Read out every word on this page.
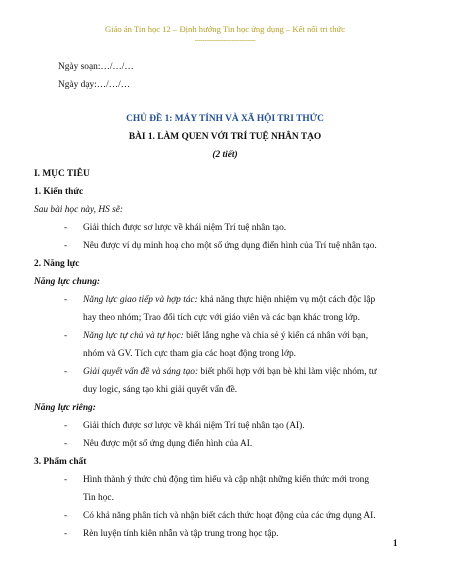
Giáo án Tin học 12 – Định hướng Tin học ứng dụng – Kết nối tri thức
------------------------------
Ngày soạn:…/…/…
Ngày dạy:…/…/…
CHỦ ĐỀ 1: MÁY TÍNH VÀ XÃ HỘI TRI THỨC
BÀI 1. LÀM QUEN VỚI TRÍ TUỆ NHÂN TẠO
(2 tiết)
I. MỤC TIÊU
1. Kiến thức
Sau bài học này, HS sẽ:
- Giải thích được sơ lược về khái niệm Trí tuệ nhân tạo.
- Nêu được ví dụ minh hoạ cho một số ứng dụng điển hình của Trí tuệ nhân tạo.
2. Năng lực
Năng lực chung:
- Năng lực giao tiếp và hợp tác: khả năng thực hiện nhiệm vụ một cách độc lập
hay theo nhóm; Trao đổi tích cực với giáo viên và các bạn khác trong lớp.
- Năng lực tự chủ và tự học: biết lắng nghe và chia sẻ ý kiến cá nhân với bạn,
nhóm và GV. Tích cực tham gia các hoạt động trong lớp.
- Giải quyết vấn đề và sáng tạo: biết phối hợp với bạn bè khi làm việc nhóm, tư
duy logic, sáng tạo khi giải quyết vấn đề.
Năng lực riêng:
- Giải thích được sơ lược về khái niệm Trí tuệ nhân tạo (AI).
- Nêu được một số ứng dụng điển hình của AI.
3. Phẩm chất
- Hình thành ý thức chủ động tìm hiểu và cập nhật những kiến thức mới trong
Tin học.
- Có khả năng phân tích và nhận biết cách thức hoạt động của các ứng dụng AI.
- Rèn luyện tính kiên nhẫn và tập trung trong học tập.
1
